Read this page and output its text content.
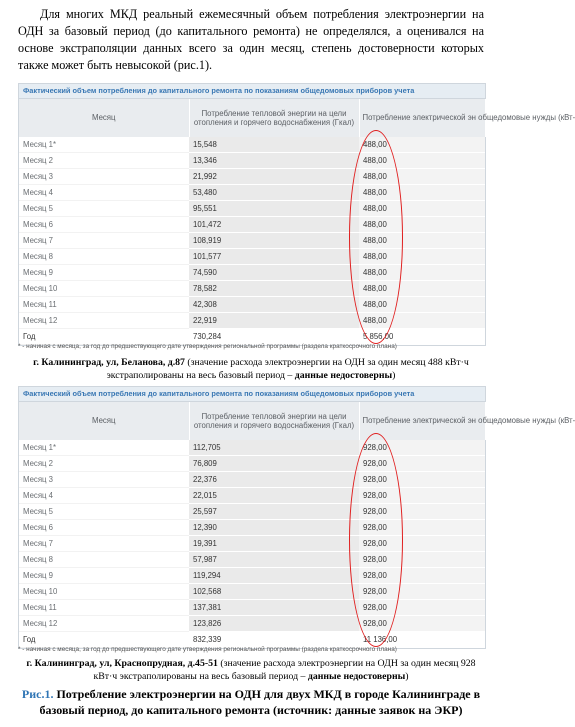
Для многих МКД реальный ежемесячный объем потребления электроэнергии на ОДН за базовый период (до капитального ремонта) не определялся, а оценивался на основе экстраполяции данных всего за один месяц, степень достоверности которых также может быть невысокой (рис.1).

Фактический объем потребления до капитального ремонта по показаниям общедомовых приборов учета
Месяц	Потребление тепловой энергии на цели отопления и горячего водоснабжения (Гкал)	Потребление электрической эн общедомовые нужды (кВт-
Месяц 1*	15,548	488,00
Месяц 2	13,346	488,00
Месяц 3	21,992	488,00
Месяц 4	53,480	488,00
Месяц 5	95,551	488,00
Месяц 6	101,472	488,00
Месяц 7	108,919	488,00
Месяц 8	101,577	488,00
Месяц 9	74,590	488,00
Месяц 10	78,582	488,00
Месяц 11	42,308	488,00
Месяц 12	22,919	488,00
Год	730,284	5 856,00
* - начиная с месяца, за год до предшествующего дате утверждения региональной программы (раздела краткосрочного плана)

г. Калининград, ул, Беланова, д.87 (значение расхода электроэнергии на ОДН за один месяц 488 кВт·ч экстраполированы на весь базовый период – данные недостоверны)

Фактический объем потребления до капитального ремонта по показаниям общедомовых приборов учета
Месяц	Потребление тепловой энергии на цели отопления и горячего водоснабжения (Гкал)	Потребление электрической эн общедомовые нужды (кВт-
Месяц 1*	112,705	928,00
Месяц 2	76,809	928,00
Месяц 3	22,376	928,00
Месяц 4	22,015	928,00
Месяц 5	25,597	928,00
Месяц 6	12,390	928,00
Месяц 7	19,391	928,00
Месяц 8	57,987	928,00
Месяц 9	119,294	928,00
Месяц 10	102,568	928,00
Месяц 11	137,381	928,00
Месяц 12	123,826	928,00
Год	832,339	11 136,00
* - начиная с месяца, за год до предшествующего дате утверждения региональной программы (раздела краткосрочного плана)

г. Калининград, ул, Краснопрудная, д.45-51 (значение расхода электроэнергии на ОДН за один месяц 928 кВт·ч экстраполированы на весь базовый период – данные недостоверны)

Рис.1. Потребление электроэнергии на ОДН для двух МКД в городе Калининграде в базовый период, до капитального ремонта (источник: данные заявок на ЭКР)
